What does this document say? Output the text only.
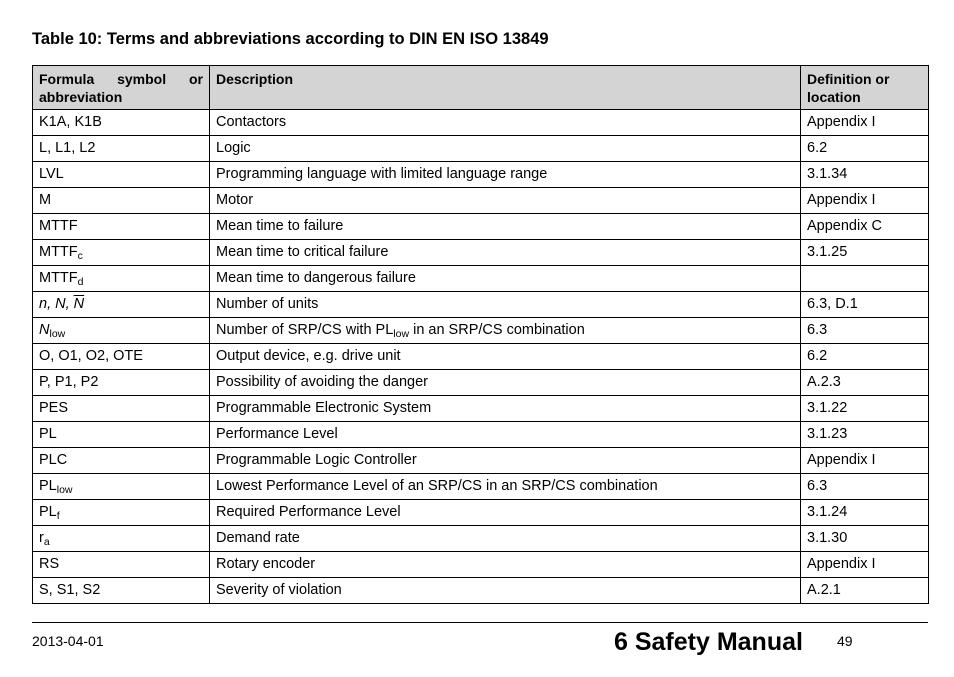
Table 10: Terms and abbreviations according to DIN EN ISO 13849
Formula symbol or abbreviation	Description	Definition or location
K1A, K1B	Contactors	Appendix I
L, L1, L2	Logic	6.2
LVL	Programming language with limited language range	3.1.34
M	Motor	Appendix I
MTTF	Mean time to failure	Appendix C
$MTTF_c$	Mean time to critical failure	3.1.25
$MTTF_d$	Mean time to dangerous failure	
n, N, $\overline{N}$	Number of units	6.3, D.1
$N_{low}$	Number of SRP/CS with $PL_{low}$ in an SRP/CS combination	6.3
O, O1, O2, OTE	Output device, e.g. drive unit	6.2
P, P1, P2	Possibility of avoiding the danger	A.2.3
PES	Programmable Electronic System	3.1.22
PL	Performance Level	3.1.23
PLC	Programmable Logic Controller	Appendix I
$PL_{low}$	Lowest Performance Level of an SRP/CS in an SRP/CS combination	6.3
$PL_f$	Required Performance Level	3.1.24
$r_a$	Demand rate	3.1.30
RS	Rotary encoder	Appendix I
S, S1, S2	Severity of violation	A.2.1
2013-04-01	6 Safety Manual 49
